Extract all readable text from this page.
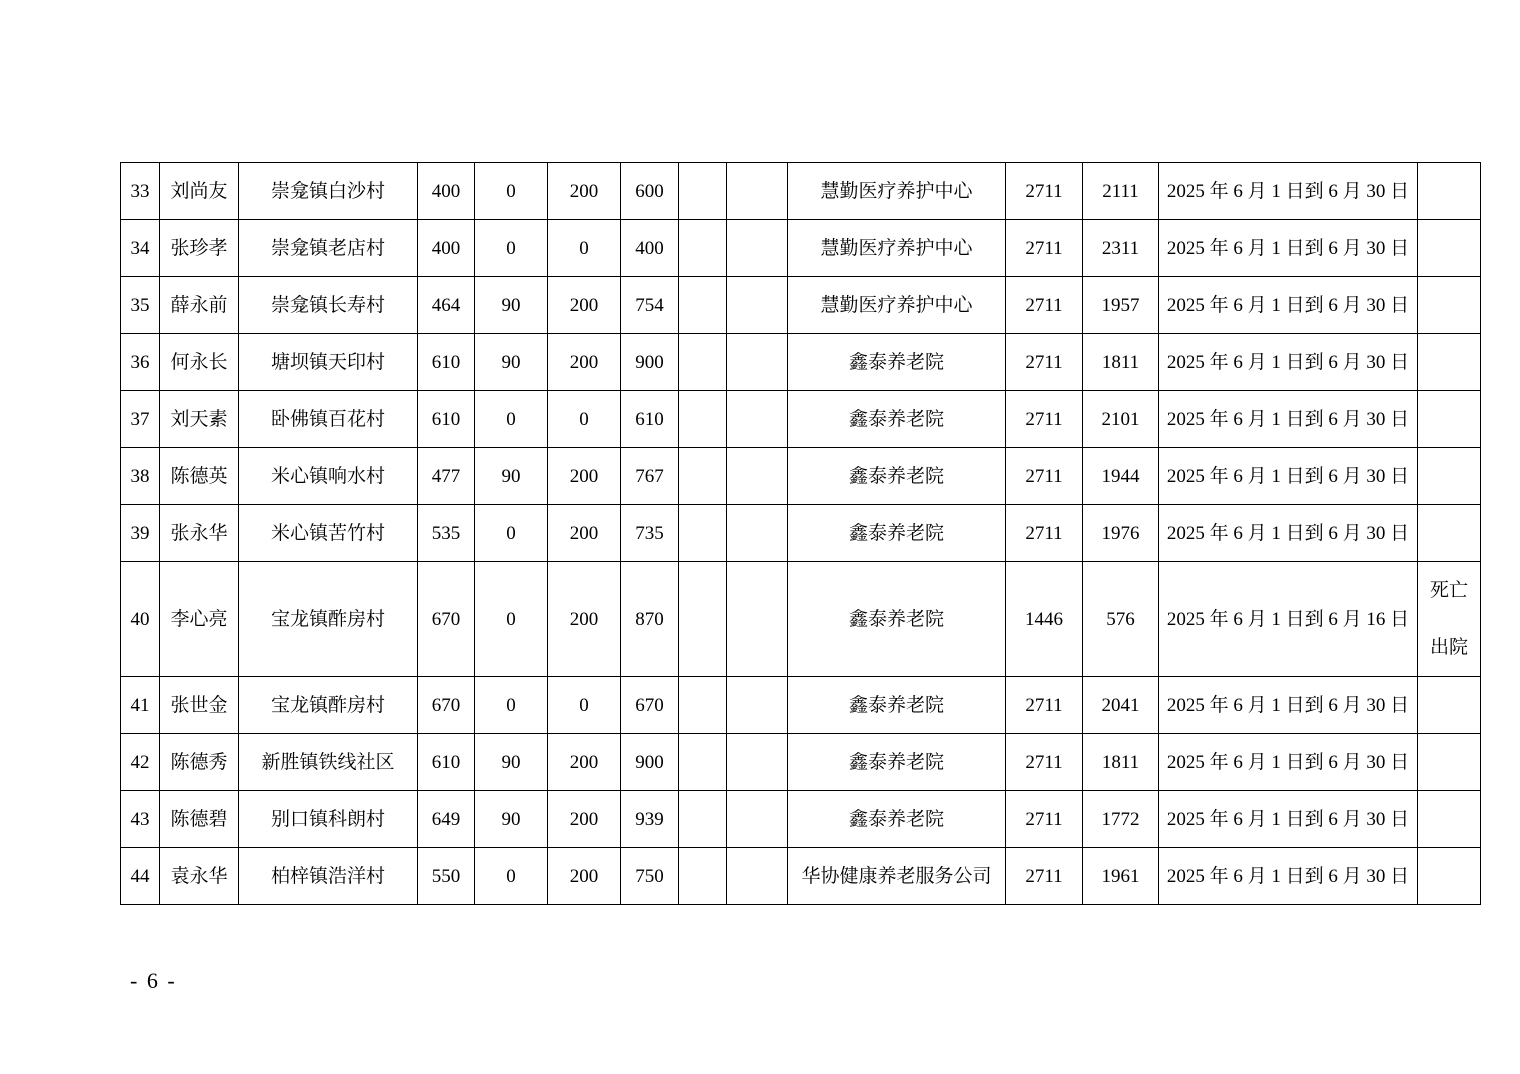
33	刘尚友	崇龛镇白沙村	400	0	200	600			慧勤医疗养护中心	2711	2111	2025 年 6 月 1 日到 6 月 30 日	
34	张珍孝	崇龛镇老店村	400	0	0	400			慧勤医疗养护中心	2711	2311	2025 年 6 月 1 日到 6 月 30 日	
35	薛永前	崇龛镇长寿村	464	90	200	754			慧勤医疗养护中心	2711	1957	2025 年 6 月 1 日到 6 月 30 日	
36	何永长	塘坝镇天印村	610	90	200	900			鑫泰养老院	2711	1811	2025 年 6 月 1 日到 6 月 30 日	
37	刘天素	卧佛镇百花村	610	0	0	610			鑫泰养老院	2711	2101	2025 年 6 月 1 日到 6 月 30 日	
38	陈德英	米心镇响水村	477	90	200	767			鑫泰养老院	2711	1944	2025 年 6 月 1 日到 6 月 30 日	
39	张永华	米心镇苦竹村	535	0	200	735			鑫泰养老院	2711	1976	2025 年 6 月 1 日到 6 月 30 日	
40	李心亮	宝龙镇酢房村	670	0	200	870			鑫泰养老院	1446	576	2025 年 6 月 1 日到 6 月 16 日	死亡
出院

41	张世金	宝龙镇酢房村	670	0	0	670			鑫泰养老院	2711	2041	2025 年 6 月 1 日到 6 月 30 日	
42	陈德秀	新胜镇铁线社区	610	90	200	900			鑫泰养老院	2711	1811	2025 年 6 月 1 日到 6 月 30 日	
43	陈德碧	别口镇科朗村	649	90	200	939			鑫泰养老院	2711	1772	2025 年 6 月 1 日到 6 月 30 日	
44	袁永华	柏梓镇浩洋村	550	0	200	750			华协健康养老服务公司	2711	1961	2025 年 6 月 1 日到 6 月 30 日	
- 6 -
